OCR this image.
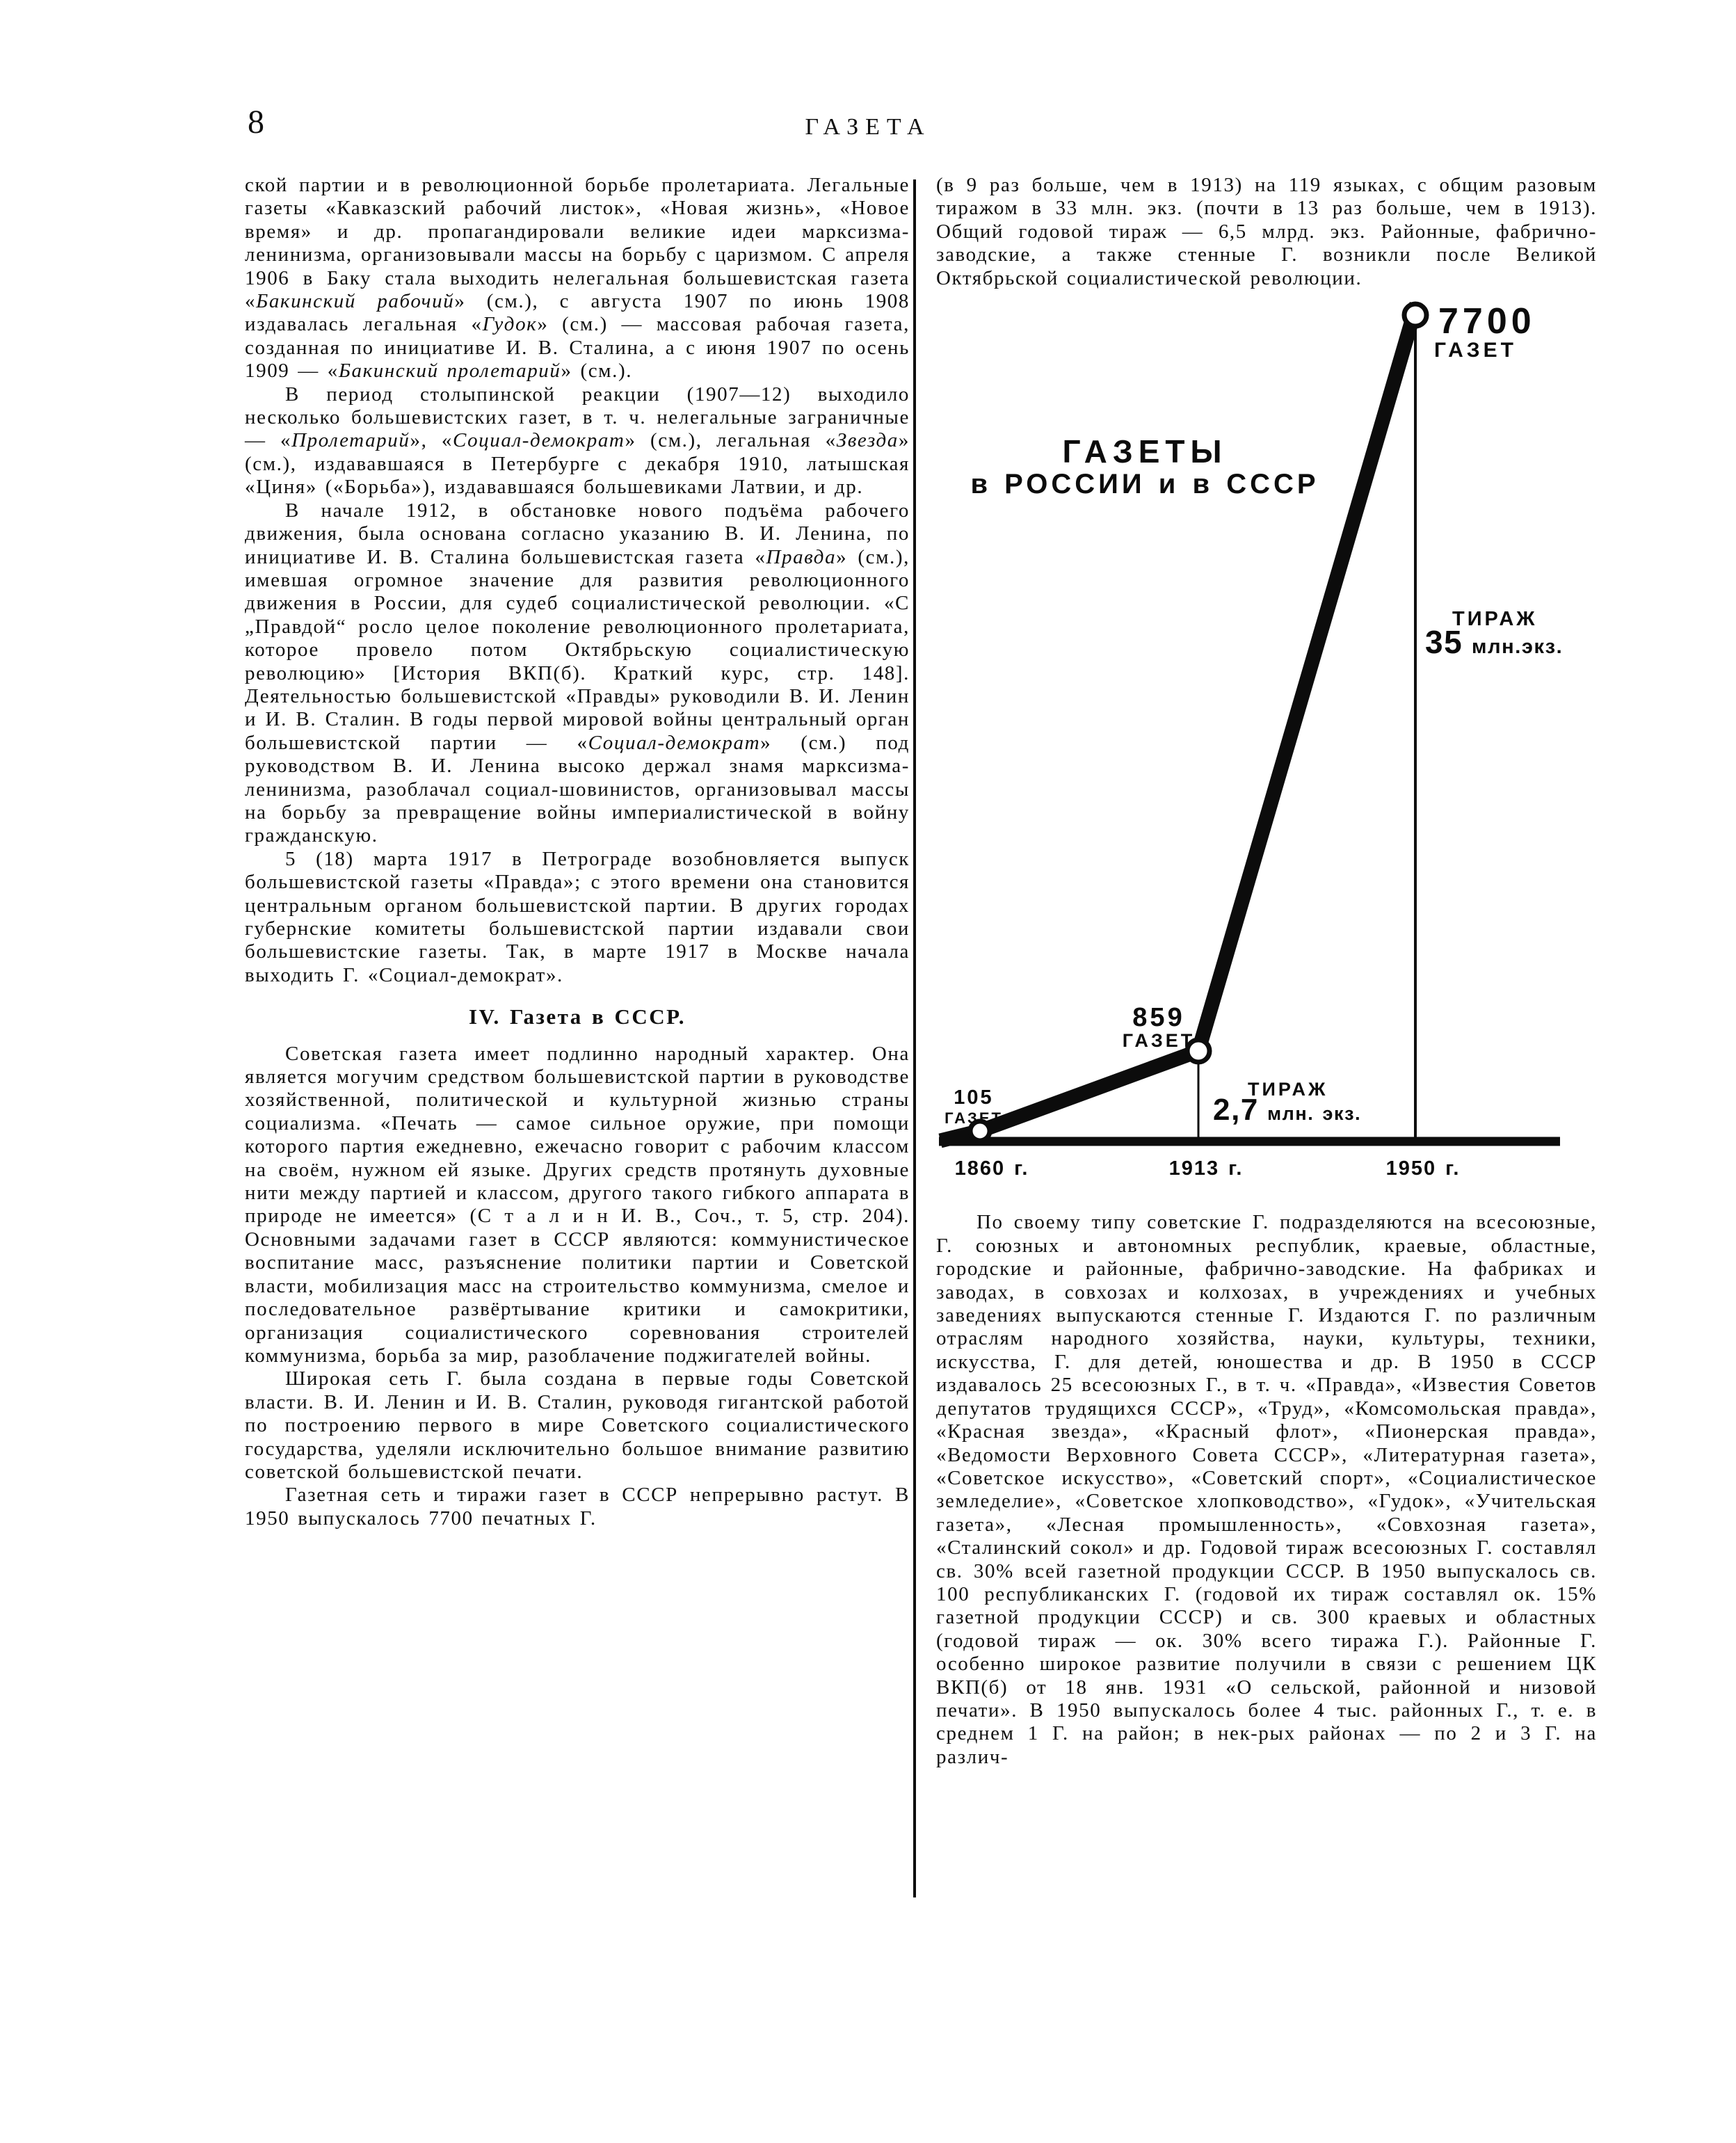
8	ГАЗЕТА

ской партии и в революционной борьбе пролетариата. Легальные газеты «Кавказский рабочий листок», «Новая жизнь», «Новое время» и др. пропагандировали великие идеи марксизма-ленинизма, организовывали массы на борьбу с царизмом. С апреля 1906 в Баку стала выходить нелегальная большевистская газета «Бакинский рабочий» (см.), с августа 1907 по июнь 1908 издавалась легальная «Гудок» (см.) — массовая рабочая газета, созданная по инициативе И. В. Сталина, а с июня 1907 по осень 1909 — «Бакинский пролетарий» (см.).

В период столыпинской реакции (1907—12) выходило несколько большевистских газет, в т. ч. нелегальные заграничные — «Пролетарий», «Социал-демократ» (см.), легальная «Звезда» (см.), издававшаяся в Петербурге с декабря 1910, латышская «Циня» («Борьба»), издававшаяся большевиками Латвии, и др.

В начале 1912, в обстановке нового подъёма рабочего движения, была основана согласно указанию В. И. Ленина, по инициативе И. В. Сталина большевистская газета «Правда» (см.), имевшая огромное значение для развития революционного движения в России, для судеб социалистической революции. «С „Правдой“ росло целое поколение революционного пролетариата, которое провело потом Октябрьскую социалистическую революцию» [История ВКП(б). Краткий курс, стр. 148]. Деятельностью большевистской «Правды» руководили В. И. Ленин и И. В. Сталин. В годы первой мировой войны центральный орган большевистской партии — «Социал-демократ» (см.) под руководством В. И. Ленина высоко держал знамя марксизма-ленинизма, разоблачал социал-шовинистов, организовывал массы на борьбу за превращение войны империалистической в войну гражданскую.

5 (18) марта 1917 в Петрограде возобновляется выпуск большевистской газеты «Правда»; с этого времени она становится центральным органом большевистской партии. В других городах губернские комитеты большевистской партии издавали свои большевистские газеты. Так, в марте 1917 в Москве начала выходить Г. «Социал-демократ».

IV. Газета в СССР.

Советская газета имеет подлинно народный характер. Она является могучим средством большевистской партии в руководстве хозяйственной, политической и культурной жизнью страны социализма. «Печать — самое сильное оружие, при помощи которого партия ежедневно, ежечасно говорит с рабочим классом на своём, нужном ей языке. Других средств протянуть духовные нити между партией и классом, другого такого гибкого аппарата в природе не имеется» (С т а л и н И. В., Соч., т. 5, стр. 204). Основными задачами газет в СССР являются: коммунистическое воспитание масс, разъяснение политики партии и Советской власти, мобилизация масс на строительство коммунизма, смелое и последовательное развёртывание критики и самокритики, организация социалистического соревнования строителей коммунизма, борьба за мир, разоблачение поджигателей войны.

Широкая сеть Г. была создана в первые годы Советской власти. В. И. Ленин и И. В. Сталин, руководя гигантской работой по построению первого в мире Советского социалистического государства, уделяли исключительно большое внимание развитию советской большевистской печати.

Газетная сеть и тиражи газет в СССР непрерывно растут. В 1950 выпускалось 7700 печатных Г.

(в 9 раз больше, чем в 1913) на 119 языках, с общим разовым тиражом в 33 млн. экз. (почти в 13 раз больше, чем в 1913). Общий годовой тираж — 6,5 млрд. экз. Районные, фабрично-заводские, а также стенные Г. возникли после Великой Октябрьской социалистической революции.

7700
ГАЗЕТ
ГАЗЕТЫ
в РОССИИ и в СССР
ТИРАЖ
35 млн.экз.
859
ГАЗЕТ
ТИРАЖ
2,7 млн. экз.
105
ГАЗЕТ
1860 г.	1913 г.	1950 г.

По своему типу советские Г. подразделяются на всесоюзные, Г. союзных и автономных республик, краевые, областные, городские и районные, фабрично-заводские. На фабриках и заводах, в совхозах и колхозах, в учреждениях и учебных заведениях выпускаются стенные Г. Издаются Г. по различным отраслям народного хозяйства, науки, культуры, техники, искусства, Г. для детей, юношества и др. В 1950 в СССР издавалось 25 всесоюзных Г., в т. ч. «Правда», «Известия Советов депутатов трудящихся СССР», «Труд», «Комсомольская правда», «Красная звезда», «Красный флот», «Пионерская правда», «Ведомости Верховного Совета СССР», «Литературная газета», «Советское искусство», «Советский спорт», «Социалистическое земледелие», «Советское хлопководство», «Гудок», «Учительская газета», «Лесная промышленность», «Совхозная газета», «Сталинский сокол» и др. Годовой тираж всесоюзных Г. составлял св. 30% всей газетной продукции СССР. В 1950 выпускалось св. 100 республиканских Г. (годовой их тираж составлял ок. 15% газетной продукции СССР) и св. 300 краевых и областных (годовой тираж — ок. 30% всего тиража Г.). Районные Г. особенно широкое развитие получили в связи с решением ЦК ВКП(б) от 18 янв. 1931 «О сельской, районной и низовой печати». В 1950 выпускалось более 4 тыс. районных Г., т. е. в среднем 1 Г. на район; в нек-рых районах — по 2 и 3 Г. на различ-
